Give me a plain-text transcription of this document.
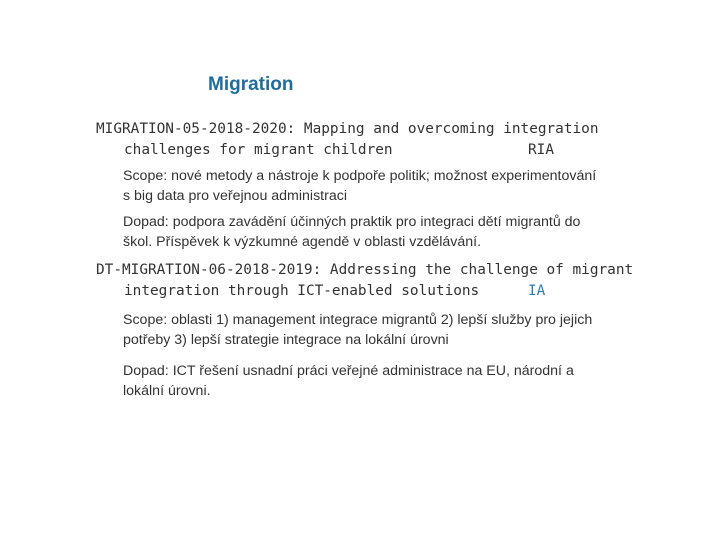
Migration
MIGRATION-05-2018-2020: Mapping and overcoming integration
challenges for migrant children	RIA
Scope: nové metody a nástroje k podpoře politik; možnost experimentování
s big data pro veřejnou administraci
Dopad: podpora zavádění účinných praktik pro integraci dětí migrantů do
škol. Příspěvek k výzkumné agendě v oblasti vzdělávání.
DT-MIGRATION-06-2018-2019: Addressing the challenge of migrant
integration through ICT-enabled solutions	IA
Scope: oblasti 1) management integrace migrantů 2) lepší služby pro jejich
potřeby 3) lepší strategie integrace na lokální úrovni
Dopad: ICT řešení usnadní práci veřejné administrace na EU, národní a
lokální úrovni.
